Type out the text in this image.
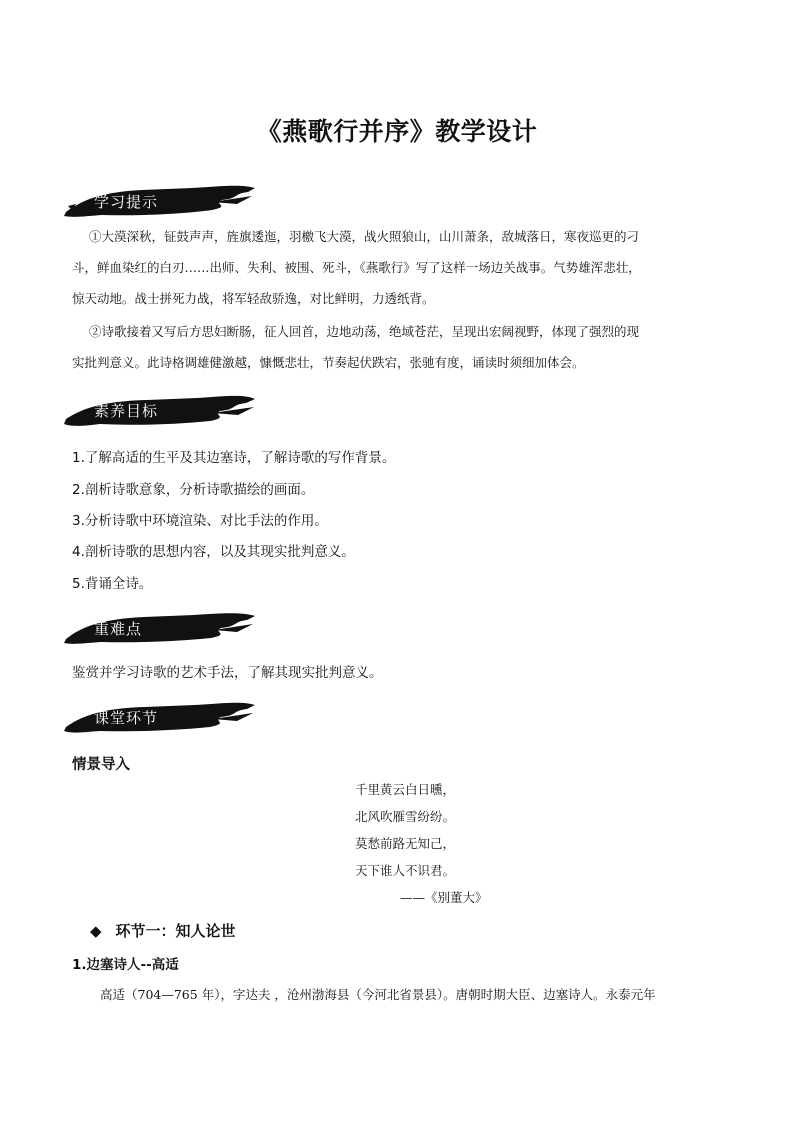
《燕歌行并序》教学设计
学习提示
①大漠深秋，钲鼓声声，旌旗逶迤，羽檄飞大漠，战火照狼山，山川萧条，敌城落日，寒夜巡更的刁
斗，鲜血染红的白刃……出师、失利、被围、死斗，《燕歌行》写了这样一场边关战事。气势雄浑悲壮，
惊天动地。战士拼死力战，将军轻敌骄逸，对比鲜明，力透纸背。
②诗歌接着又写后方思妇断肠，征人回首，边地动荡，绝域苍茫，呈现出宏阔视野，体现了强烈的现
实批判意义。此诗格调雄健激越，慷慨悲壮，节奏起伏跌宕，张驰有度，诵读时须细加体会。
素养目标
1.了解高适的生平及其边塞诗，了解诗歌的写作背景。
2.剖析诗歌意象，分析诗歌描绘的画面。
3.分析诗歌中环境渲染、对比手法的作用。
4.剖析诗歌的思想内容，以及其现实批判意义。
5.背诵全诗。
重难点
鉴赏并学习诗歌的艺术手法，了解其现实批判意义。
课堂环节
情景导入
千里黄云白日曛，
北风吹雁雪纷纷。
莫愁前路无知己，
天下谁人不识君。
——《别董大》
◆ 环节一：知人论世
1.边塞诗人--高适
高适（704—765 年），字达夫 ，沧州渤海县（今河北省景县）。唐朝时期大臣、边塞诗人。永泰元年
